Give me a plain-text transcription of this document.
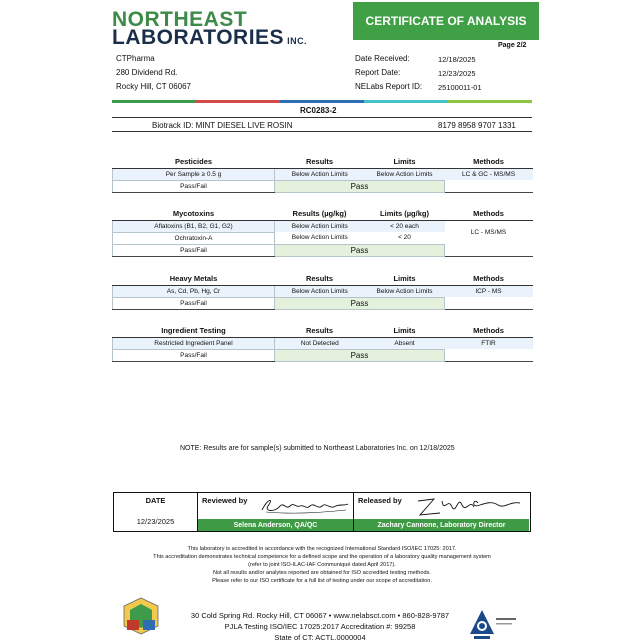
NORTHEAST
LABORATORIES INC.
CERTIFICATE OF ANALYSIS
Page 2/2
CTPharma
280 Dividend Rd.
Rocky Hill, CT 06067
Date Received:	12/18/2025
Report Date:	12/23/2025
NELabs Report ID: 25100011-01
RC0283-2
Biotrack ID: MINT DIESEL LIVE ROSIN	8179 8958 9707 1331
Pesticides	Results	Limits	Methods
Per Sample ≥ 0.5 g	Below Action Limits	Below Action Limits	LC & GC - MS/MS
Pass/Fail	Pass		
Mycotoxins	Results (µg/kg)	Limits (µg/kg)	Methods
Aflatoxins (B1, B2, G1, G2)	Below Action Limits	< 20 each	LC - MS/MS
Ochratoxin-A	Below Action Limits	< 20	
Pass/Fail	Pass		
Heavy Metals	Results	Limits	Methods
As, Cd, Pb, Hg, Cr	Below Action Limits	Below Action Limits	ICP - MS
Pass/Fail	Pass		
Ingredient Testing	Results	Limits	Methods
Restricted Ingredient Panel	Not Detected	Absent	FTIR
Pass/Fail	Pass		
NOTE: Results are for sample(s) submitted to Northeast Laboratories Inc. on 12/18/2025
DATE
12/23/2025
Reviewed by
Selena Anderson, QA/QC
Released by
Zachary Cannone, Laboratory Director
This laboratory is accredited in accordance with the recognized International Standard ISO/IEC 17025: 2017.
This accreditation demonstrates technical competence for a defined scope and the operation of a laboratory quality management system
(refer to joint ISO-ILAC-IAF Communiqué dated April 2017).
Not all results and/or analytes reported are obtained for ISO accredited testing methods.
Please refer to our ISO certificate for a full list of testing under our scope of accreditation.
30 Cold Spring Rd. Rocky Hill, CT 06067 • www.nelabsct.com • 860-828-9787
PJLA Testing ISO/IEC 17025:2017 Accreditation #: 99258
State of CT: ACTL.0000004
